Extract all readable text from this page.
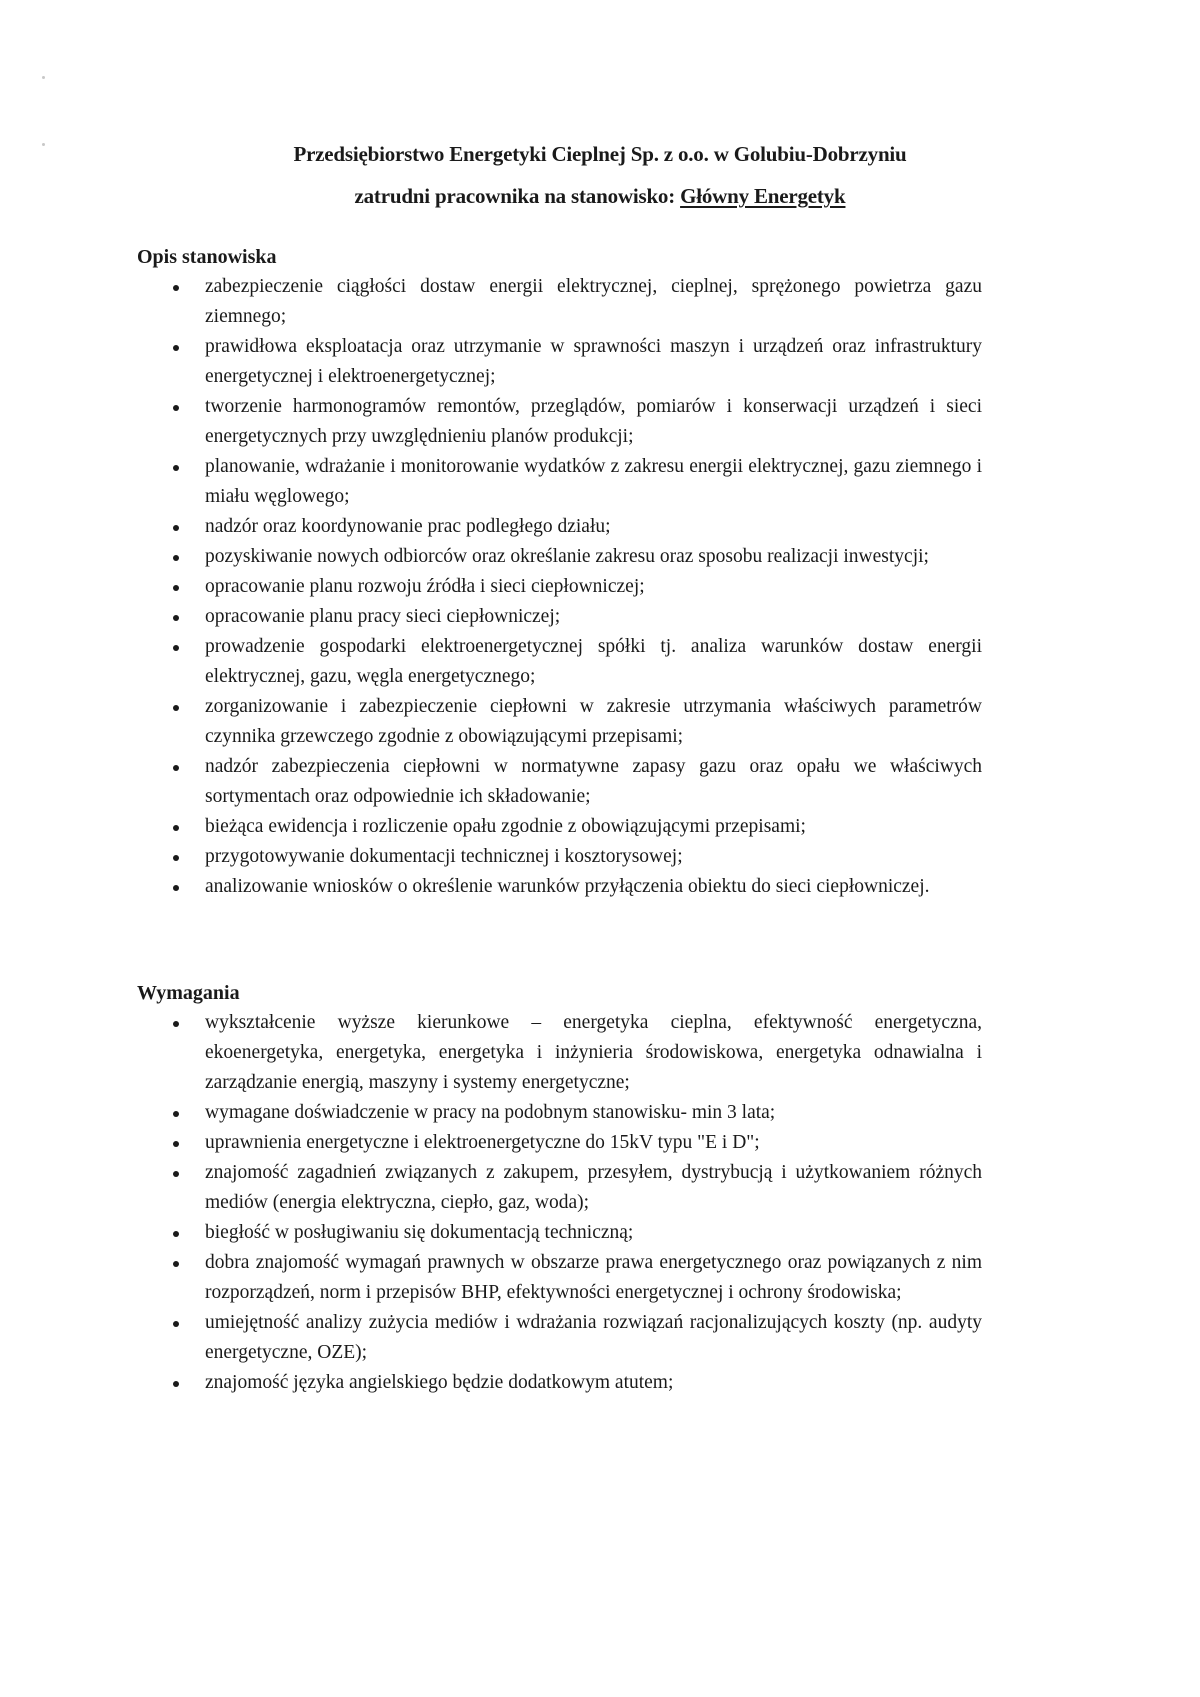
Przedsiębiorstwo Energetyki Cieplnej Sp. z o.o. w Golubiu-Dobrzyniu
zatrudni pracownika na stanowisko: Główny Energetyk
Opis stanowiska
zabezpieczenie ciągłości dostaw energii elektrycznej, cieplnej, sprężonego powietrza gazu ziemnego;
prawidłowa eksploatacja oraz utrzymanie w sprawności maszyn i urządzeń oraz infrastruktury energetycznej i elektroenergetycznej;
tworzenie harmonogramów remontów, przeglądów, pomiarów i konserwacji urządzeń i sieci energetycznych przy uwzględnieniu planów produkcji;
planowanie, wdrażanie i monitorowanie wydatków z zakresu energii elektrycznej, gazu ziemnego i miału węglowego;
nadzór oraz koordynowanie prac podległego działu;
pozyskiwanie nowych odbiorców oraz określanie zakresu oraz sposobu realizacji inwestycji;
opracowanie planu rozwoju źródła i sieci ciepłowniczej;
opracowanie planu pracy sieci ciepłowniczej;
prowadzenie gospodarki elektroenergetycznej spółki tj. analiza warunków dostaw energii elektrycznej, gazu, węgla energetycznego;
zorganizowanie i zabezpieczenie ciepłowni w zakresie utrzymania właściwych parametrów czynnika grzewczego zgodnie z obowiązującymi przepisami;
nadzór zabezpieczenia ciepłowni w normatywne zapasy gazu oraz opału we właściwych sortymentach oraz odpowiednie ich składowanie;
bieżąca ewidencja i rozliczenie opału zgodnie z obowiązującymi przepisami;
przygotowywanie dokumentacji technicznej i kosztorysowej;
analizowanie wniosków o określenie warunków przyłączenia obiektu do sieci ciepłowniczej.
Wymagania
wykształcenie wyższe kierunkowe – energetyka cieplna, efektywność energetyczna, ekoenergetyka, energetyka, energetyka i inżynieria środowiskowa, energetyka odnawialna i zarządzanie energią, maszyny i systemy energetyczne;
wymagane doświadczenie w pracy na podobnym stanowisku- min 3 lata;
uprawnienia energetyczne i elektroenergetyczne do 15kV typu "E i D";
znajomość zagadnień związanych z zakupem, przesyłem, dystrybucją i użytkowaniem różnych mediów (energia elektryczna, ciepło, gaz, woda);
biegłość w posługiwaniu się dokumentacją techniczną;
dobra znajomość wymagań prawnych w obszarze prawa energetycznego oraz powiązanych z nim rozporządzeń, norm i przepisów BHP, efektywności energetycznej i ochrony środowiska;
umiejętność analizy zużycia mediów i wdrażania rozwiązań racjonalizujących koszty (np. audyty energetyczne, OZE);
znajomość języka angielskiego będzie dodatkowym atutem;
